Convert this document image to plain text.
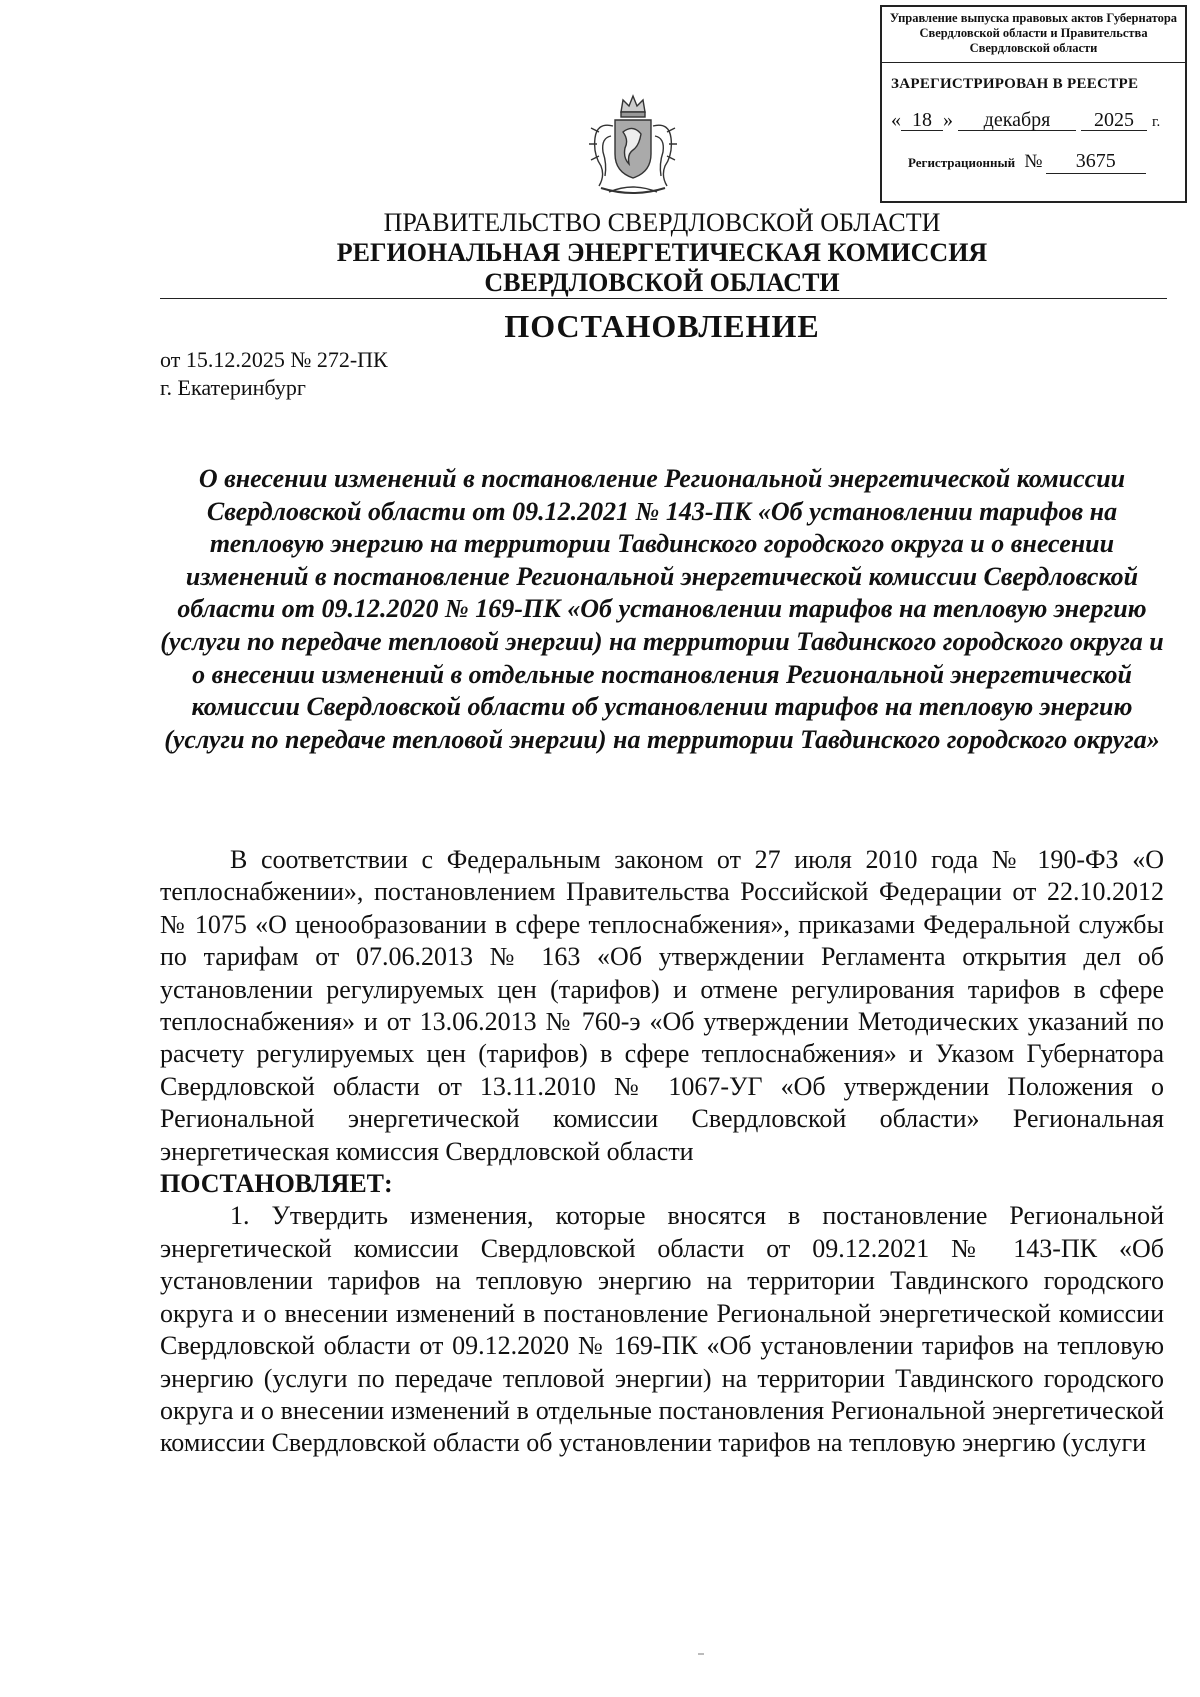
Управление выпуска правовых актов Губернатора Свердловской области и Правительства Свердловской области
ЗАРЕГИСТРИРОВАН В РЕЕСТРЕ
« 18 » декабря 2025 г.
Регистрационный № 3675
ПРАВИТЕЛЬСТВО СВЕРДЛОВСКОЙ ОБЛАСТИ
РЕГИОНАЛЬНАЯ ЭНЕРГЕТИЧЕСКАЯ КОМИССИЯ
СВЕРДЛОВСКОЙ ОБЛАСТИ
ПОСТАНОВЛЕНИЕ
от 15.12.2025 № 272-ПК
г. Екатеринбург
О внесении изменений в постановление Региональной энергетической комиссии Свердловской области от 09.12.2021 № 143-ПК «Об установлении тарифов на тепловую энергию на территории Тавдинского городского округа и о внесении изменений в постановление Региональной энергетической комиссии Свердловской области от 09.12.2020 № 169-ПК «Об установлении тарифов на тепловую энергию (услуги по передаче тепловой энергии) на территории Тавдинского городского округа и о внесении изменений в отдельные постановления Региональной энергетической комиссии Свердловской области об установлении тарифов на тепловую энергию (услуги по передаче тепловой энергии) на территории Тавдинского городского округа»

В соответствии с Федеральным законом от 27 июля 2010 года № 190-ФЗ «О теплоснабжении», постановлением Правительства Российской Федерации от 22.10.2012 № 1075 «О ценообразовании в сфере теплоснабжения», приказами Федеральной службы по тарифам от 07.06.2013 № 163 «Об утверждении Регламента открытия дел об установлении регулируемых цен (тарифов) и отмене регулирования тарифов в сфере теплоснабжения» и от 13.06.2013 № 760-э «Об утверждении Методических указаний по расчету регулируемых цен (тарифов) в сфере теплоснабжения» и Указом Губернатора Свердловской области от 13.11.2010 № 1067-УГ «Об утверждении Положения о Региональной энергетической комиссии Свердловской области» Региональная энергетическая комиссия Свердловской области

ПОСТАНОВЛЯЕТ:

1. Утвердить изменения, которые вносятся в постановление Региональной энергетической комиссии Свердловской области от 09.12.2021 № 143-ПК «Об установлении тарифов на тепловую энергию на территории Тавдинского городского округа и о внесении изменений в постановление Региональной энергетической комиссии Свердловской области от 09.12.2020 № 169-ПК «Об установлении тарифов на тепловую энергию (услуги по передаче тепловой энергии) на территории Тавдинского городского округа и о внесении изменений в отдельные постановления Региональной энергетической комиссии Свердловской области об установлении тарифов на тепловую энергию (услуги
